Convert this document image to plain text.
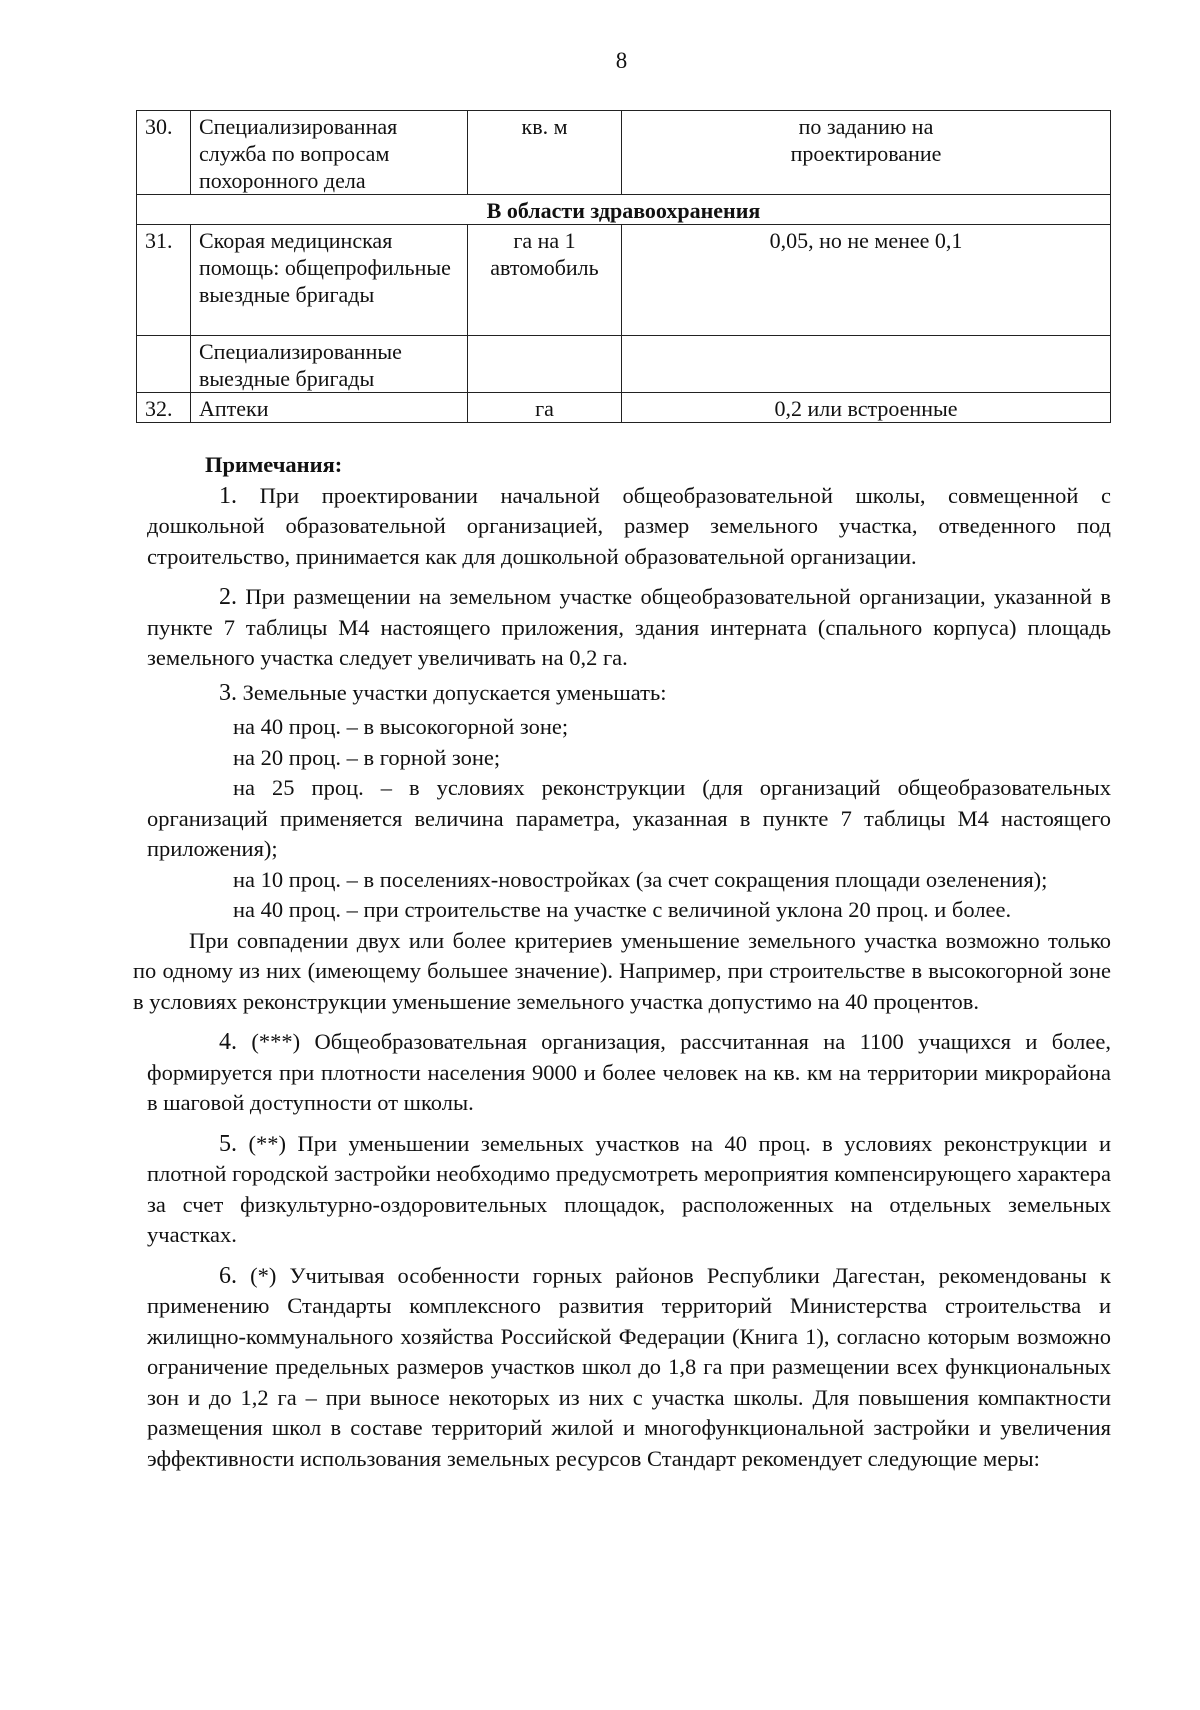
8
30.	Специализированная служба по вопросам похоронного дела	кв. м	по заданию на проектирование
В области здравоохранения			
31.	Скорая медицинская помощь: общепрофильные выездные бригады	га на 1 автомобиль	0,05, но не менее 0,1
	Специализированные выездные бригады		
32.	Аптеки	га	0,2 или встроенные

Примечания:

1. При проектировании начальной общеобразовательной школы, совмещенной с дошкольной образовательной организацией, размер земельного участка, отведенного под строительство, принимается как для дошкольной образовательной организации.

2. При размещении на земельном участке общеобразовательной организации, указанной в пункте 7 таблицы М4 настоящего приложения, здания интерната (спального корпуса) площадь земельного участка следует увеличивать на 0,2 га.

3. Земельные участки допускается уменьшать:

на 40 проц. – в высокогорной зоне;

на 20 проц. – в горной зоне;

на 25 проц. – в условиях реконструкции (для организаций общеобразовательных организаций применяется величина параметра, указанная в пункте 7 таблицы М4 настоящего приложения);

на 10 проц. – в поселениях-новостройках (за счет сокращения площади озеленения);

на 40 проц. – при строительстве на участке с величиной уклона 20 проц. и более.

При совпадении двух или более критериев уменьшение земельного участка возможно только по одному из них (имеющему большее значение). Например, при строительстве в высокогорной зоне в условиях реконструкции уменьшение земельного участка допустимо на 40 процентов.

4. (***) Общеобразовательная организация, рассчитанная на 1100 учащихся и более, формируется при плотности населения 9000 и более человек на кв. км на территории микрорайона в шаговой доступности от школы.

5. (**) При уменьшении земельных участков на 40 проц. в условиях реконструкции и плотной городской застройки необходимо предусмотреть мероприятия компенсирующего характера за счет физкультурно-оздоровительных площадок, расположенных на отдельных земельных участках.

6. (*) Учитывая особенности горных районов Республики Дагестан, рекомендованы к применению Стандарты комплексного развития территорий Министерства строительства и жилищно-коммунального хозяйства Российской Федерации (Книга 1), согласно которым возможно ограничение предельных размеров участков школ до 1,8 га при размещении всех функциональных зон и до 1,2 га – при выносе некоторых из них с участка школы. Для повышения компактности размещения школ в составе территорий жилой и многофункциональной застройки и увеличения эффективности использования земельных ресурсов Стандарт рекомендует следующие меры:
